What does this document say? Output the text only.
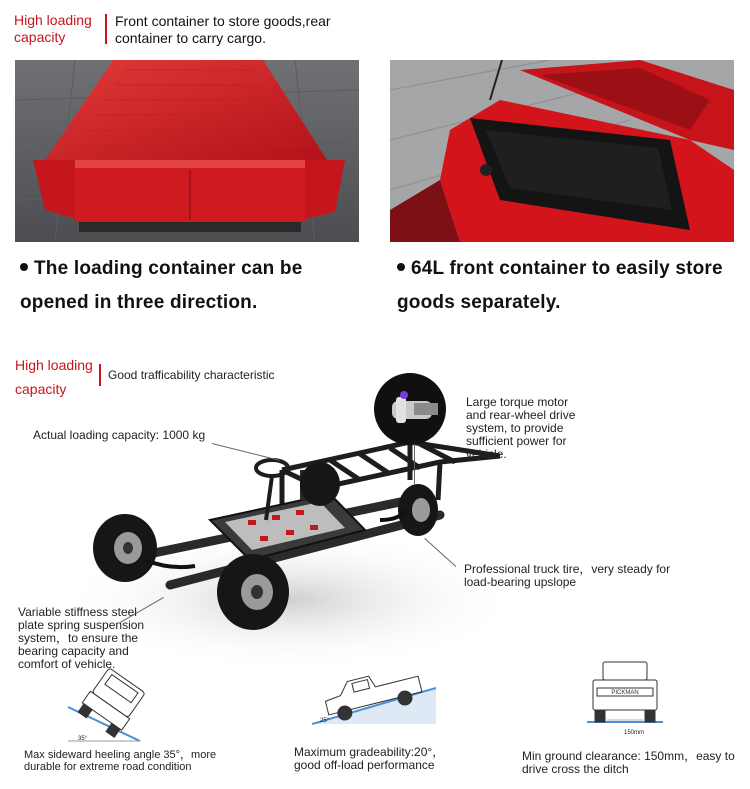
High loading
capacity
Front container to store goods,rear
container to carry cargo.
The loading container can be
opened in three direction.
64L front container to easily store
goods separately.
High loading
capacity
Good trafficability characteristic
Actual loading capacity: 1000 kg
Large torque motor
and rear-wheel drive
system, to provide
sufficient power for
vehicle.
Professional truck tire，very steady for
load-bearing upslope
Variable stiffness steel
plate spring suspension
system，to ensure the
bearing capacity and
comfort of vehicle.
35°
25°
PICKMAN
150mm
Max sideward heeling angle 35°，more
durable for extreme road condition
Maximum gradeability:20°，
good off-load performance
Min ground clearance: 150mm，easy to
drive cross the ditch
